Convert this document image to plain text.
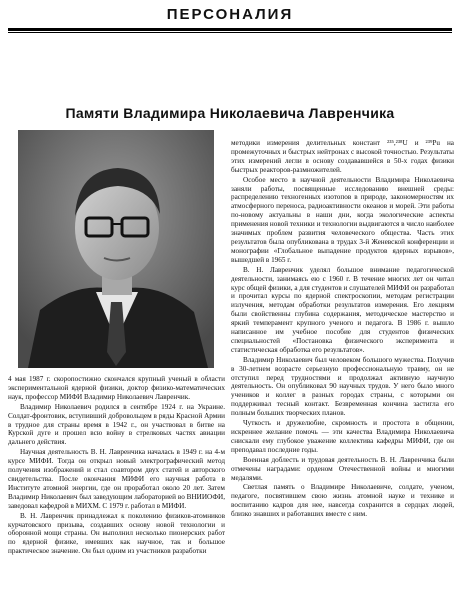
ПЕРСОНАЛИЯ
Памяти Владимира Николаевича Лавренчика

4 мая 1987 г. скоропостижно скончался крупный ученый в области экспериментальной ядерной физики, доктор физико-математических наук, профессор МИФИ Владимир Николаевич Лавренчик.

Владимир Николаевич родился в сентябре 1924 г. на Украине. Солдат-фронтовик, вступивший добровольцем в ряды Красной Армии в трудное для страны время в 1942 г., он участвовал в битве на Курской дуге и прошел всю войну в стрелковых частях авиации дальнего действия.

Научная деятельность В. Н. Лавренчика началась в 1949 г. на 4-м курсе МИФИ. Тогда он открыл новый электрографический метод получения изображений и стал соавтором двух статей и авторского свидетельства. После окончания МИФИ его научная работа в Институте атомной энергии, где он проработал около 20 лет. Затем Владимир Николаевич был заведующим лабораторией во ВНИИОФИ, заведовал кафедрой в МИХМ. С 1979 г. работал в МИФИ.

В. Н. Лавренчик принадлежал к поколению физиков-атомников курчатовского призыва, создавших основу новой технологии и оборонной мощи страны. Он выполнил несколько пионерских работ по ядерной физике, имевших как научное, так и большое практическое значение. Он был одним из участников разработки

методики измерения делительных констант ²³⁵,²³⁸U и ²³⁹Pu на промежуточных и быстрых нейтронах с высокой точностью. Результаты этих измерений легли в основу создававшейся в 50-х годах физики быстрых реакторов-размножителей.

Особое место в научной деятельности Владимира Николаевича заняли работы, посвященные исследованию внешней среды: распределению техногенных изотопов в природе, закономерностям их атмосферного переноса, радиоактивности океанов и морей. Эти работы по-новому актуальны в наши дни, когда экологические аспекты применения новой техники и технологии выдвигаются в число наиболее значимых проблем развития человеческого общества. Часть этих результатов была опубликована в трудах 3-й Женевской конференции и монографии «Глобальное выпадение продуктов ядерных взрывов», вышедшей в 1965 г.

В. Н. Лавренчик уделял большое внимание педагогической деятельности, занимаясь ею с 1960 г. В течение многих лет он читал курс общей физики, а для студентов и слушателей МИФИ он разработал и прочитал курсы по ядерной спектроскопии, методам регистрации излучения, методам обработки результатов измерения. Его лекциям были свойственны глубина содержания, методическое мастерство и яркий темперамент крупного ученого и педагога. В 1986 г. вышло написанное им учебное пособие для студентов физических специальностей «Постановка физического эксперимента и статистическая обработка его результатов».

Владимир Николаевич был человеком большого мужества. Получив в 30-летнем возрасте серьезную профессиональную травму, он не отступил перед трудностями и продолжал активную научную деятельность. Он опубликовал 90 научных трудов. У него было много учеников и коллег в разных городах страны, с которыми он поддерживал тесный контакт. Безвременная кончина застигла его полным больших творческих планов.

Чуткость и дружелюбие, скромность и простота в общении, искреннее желание помочь — эти качества Владимира Николаевича снискали ему глубокое уважение коллектива кафедры МИФИ, где он преподавал последние годы.

Военная доблесть и трудовая деятельность В. Н. Лавренчика были отмечены наградами: орденом Отечественной войны и многими медалями.

Светлая память о Владимире Николаевиче, солдате, ученом, педагоге, посвятившем свою жизнь атомной науке и технике и воспитанию кадров для нее, навсегда сохранится в сердцах людей, близко знавших и работавших вместе с ним.
